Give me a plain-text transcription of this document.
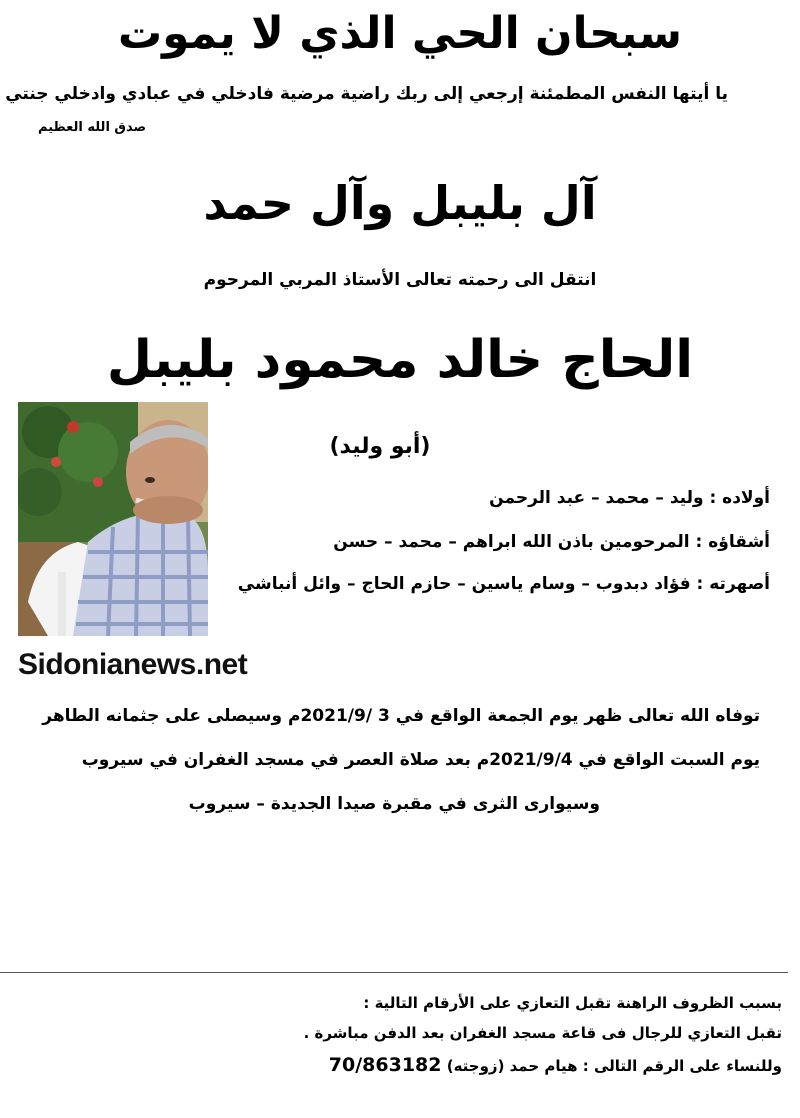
سبحان الحي الذي لا يموت
يا أيتها النفس المطمئنة إرجعي إلى ربك راضية مرضية فادخلي في عبادي وادخلي جنتي
صدق الله العظيم
آل بليبل وآل حمد
انتقل الى رحمته تعالى الأستاذ المربي المرحوم
الحاج خالد محمود بليبل
(أبو وليد)
Sidonianews.net
أولاده : وليد – محمد – عبد الرحمن
أشقاؤه : المرحومين باذن الله ابراهم – محمد – حسن
أصهرته : فؤاد دبدوب – وسام ياسين – حازم الحاج – وائل أنباشي
توفاه الله تعالى ظهر يوم الجمعة الواقع في 3 /2021/9م وسيصلى على جثمانه الطاهر
يوم السبت الواقع في 2021/9/4م بعد صلاة العصر في مسجد الغفران في سيروب
وسيوارى الثرى في مقبرة صيدا الجديدة – سيروب
بسبب الظروف الراهنة تقبل التعازي على الأرقام التالية :
تقبل التعازي للرجال فى قاعة مسجد الغفران بعد الدفن مباشرة .
وللنساء على الرقم التالى : هيام حمد (زوجته) 70/863182
